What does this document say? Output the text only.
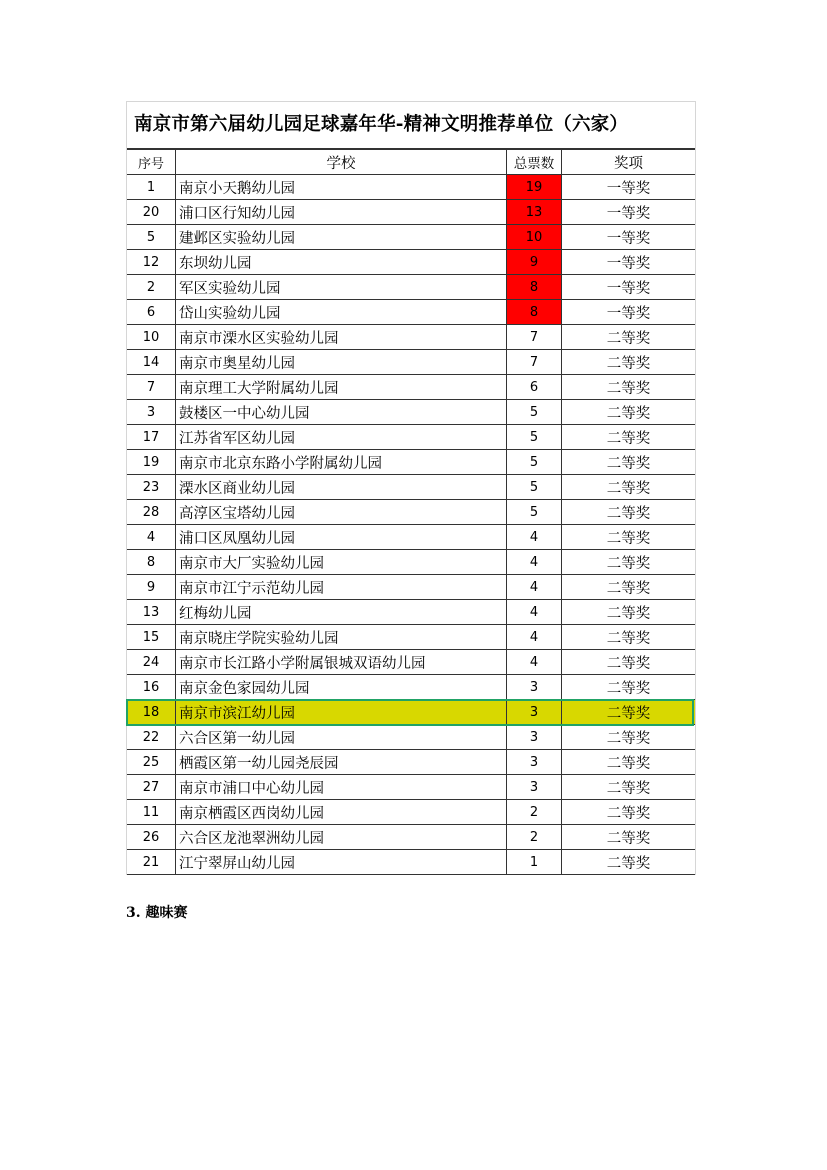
南京市第六届幼儿园足球嘉年华-精神文明推荐单位（六家）
序号	学校	总票数	奖项
1	南京小天鹅幼儿园	19	一等奖
20	浦口区行知幼儿园	13	一等奖
5	建邺区实验幼儿园	10	一等奖
12	东坝幼儿园	9	一等奖
2	军区实验幼儿园	8	一等奖
6	岱山实验幼儿园	8	一等奖
10	南京市溧水区实验幼儿园	7	二等奖
14	南京市奥星幼儿园	7	二等奖
7	南京理工大学附属幼儿园	6	二等奖
3	鼓楼区一中心幼儿园	5	二等奖
17	江苏省军区幼儿园	5	二等奖
19	南京市北京东路小学附属幼儿园	5	二等奖
23	溧水区商业幼儿园	5	二等奖
28	高淳区宝塔幼儿园	5	二等奖
4	浦口区凤凰幼儿园	4	二等奖
8	南京市大厂实验幼儿园	4	二等奖
9	南京市江宁示范幼儿园	4	二等奖
13	红梅幼儿园	4	二等奖
15	南京晓庄学院实验幼儿园	4	二等奖
24	南京市长江路小学附属银城双语幼儿园	4	二等奖
16	南京金色家园幼儿园	3	二等奖
18	南京市滨江幼儿园	3	二等奖
22	六合区第一幼儿园	3	二等奖
25	栖霞区第一幼儿园尧辰园	3	二等奖
27	南京市浦口中心幼儿园	3	二等奖
11	南京栖霞区西岗幼儿园	2	二等奖
26	六合区龙池翠洲幼儿园	2	二等奖
21	江宁翠屏山幼儿园	1	二等奖
3. 趣味赛
